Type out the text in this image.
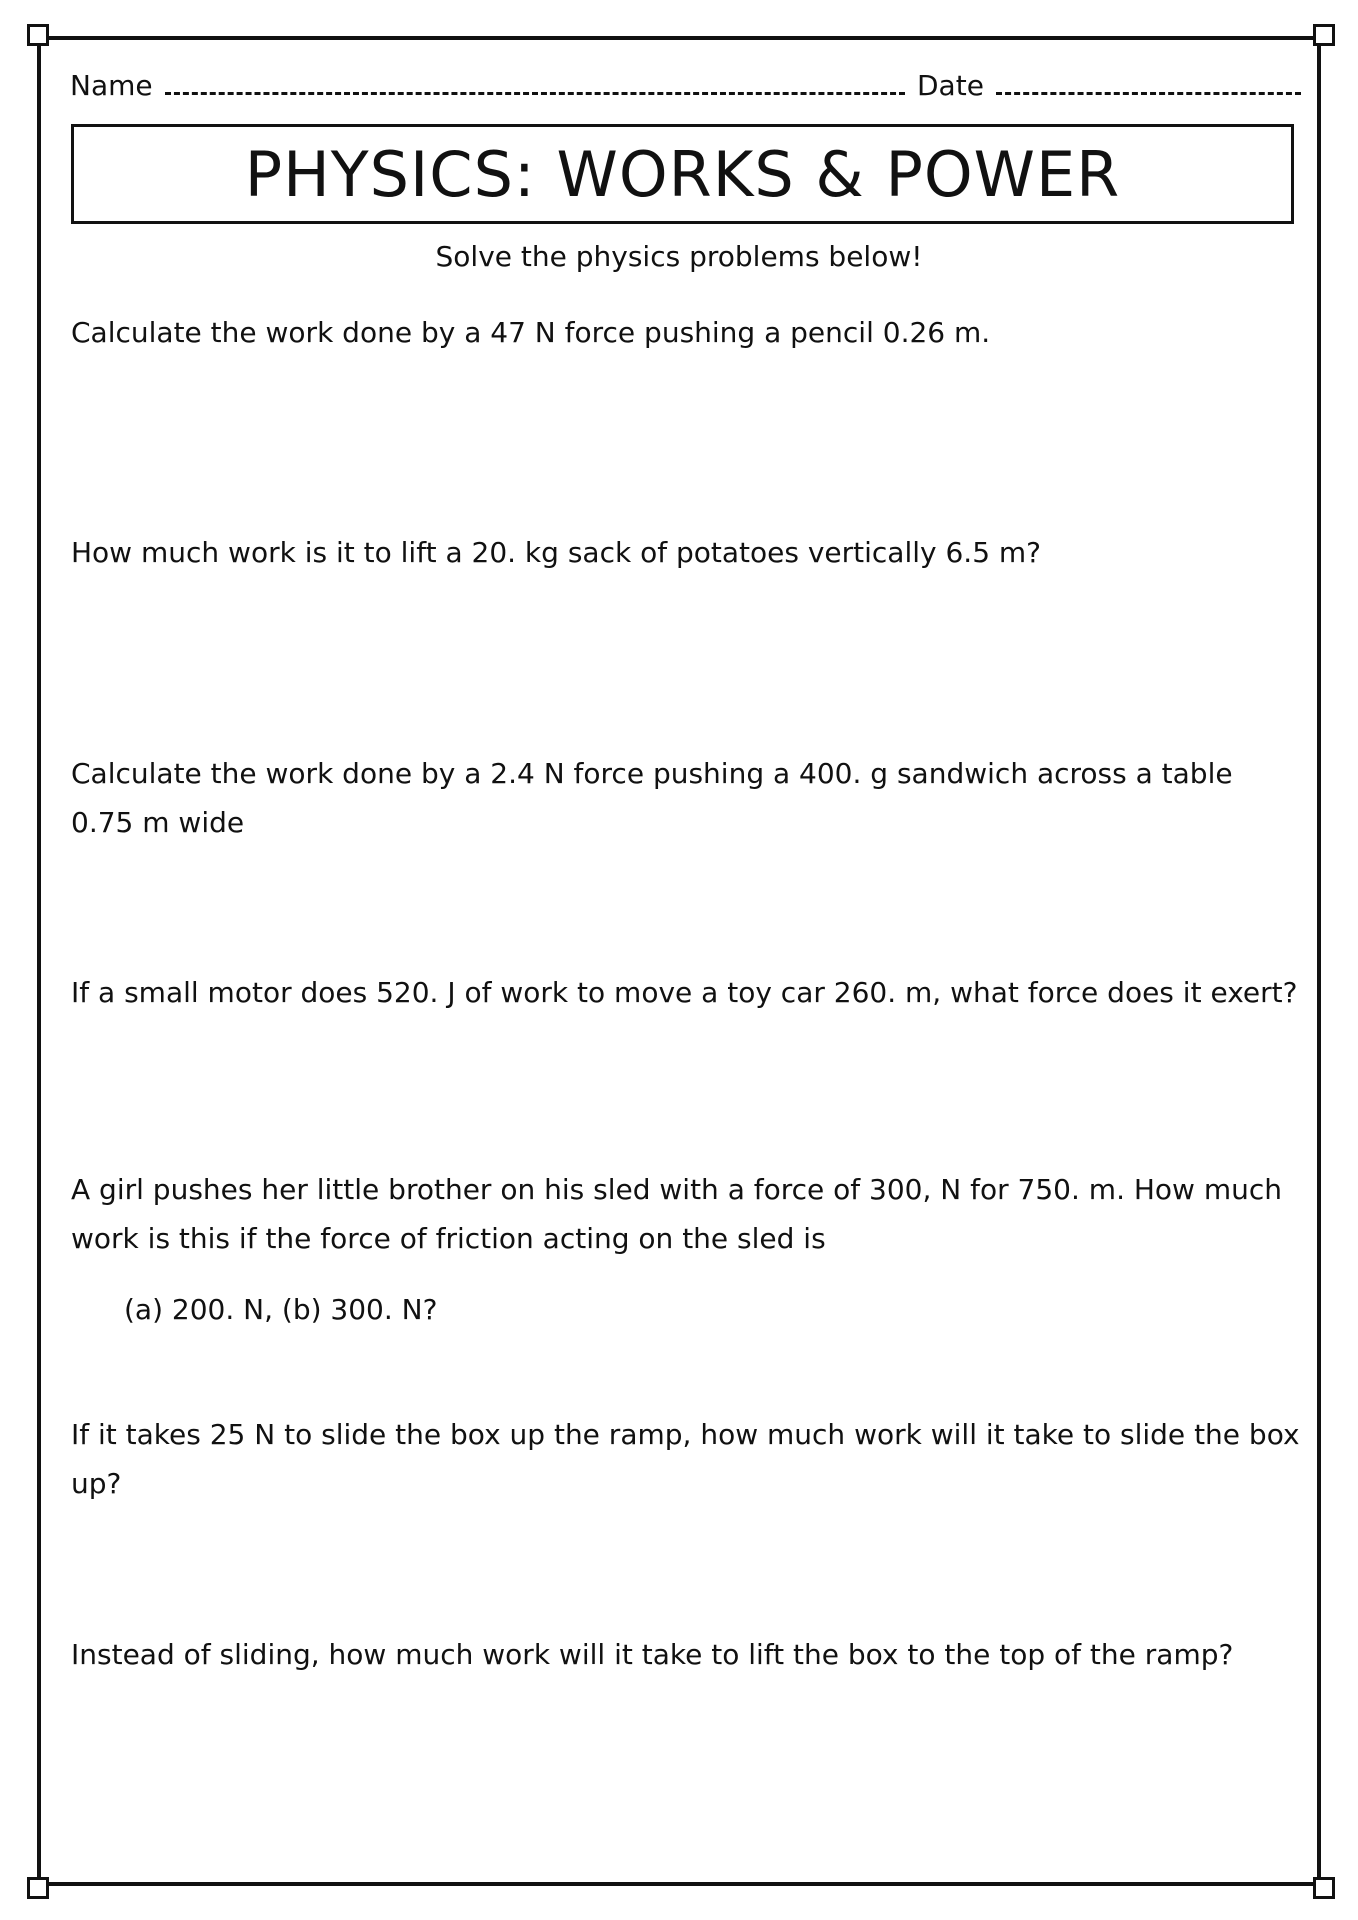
Name	Date
PHYSICS: WORKS & POWER
Solve the physics problems below!
Calculate the work done by a 47 N force pushing a pencil 0.26 m.
How much work is it to lift a 20. kg sack of potatoes vertically 6.5 m?
Calculate the work done by a 2.4 N force pushing a 400. g sandwich across a table 0.75 m wide
If a small motor does 520. J of work to move a toy car 260. m, what force does it exert?
A girl pushes her little brother on his sled with a force of 300, N for 750. m. How much work is this if the force of friction acting on the sled is
(a) 200. N, (b) 300. N?
If it takes 25 N to slide the box up the ramp, how much work will it take to slide the box up?
Instead of sliding, how much work will it take to lift the box to the top of the ramp?
